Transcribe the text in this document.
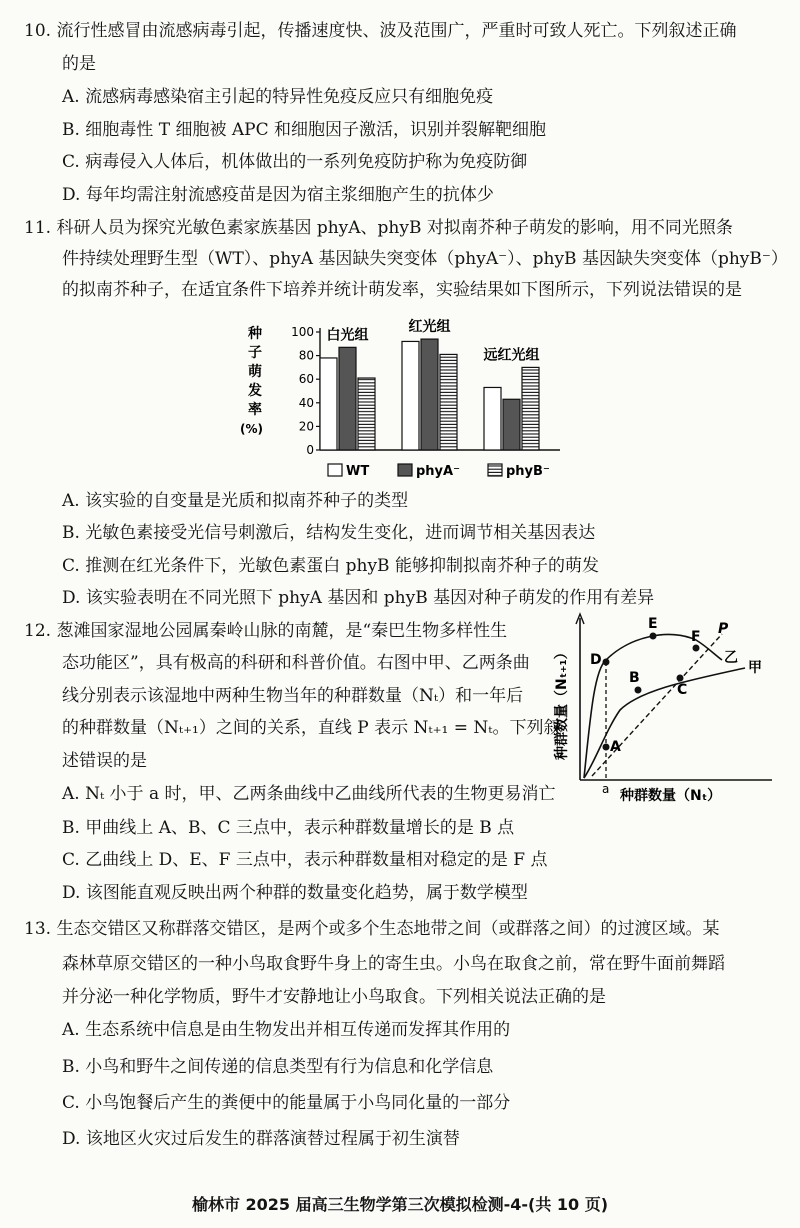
10. 流行性感冒由流感病毒引起，传播速度快、波及范围广，严重时可致人死亡。下列叙述正确
的是
A. 流感病毒感染宿主引起的特异性免疫反应只有细胞免疫
B. 细胞毒性 T 细胞被 APC 和细胞因子激活，识别并裂解靶细胞
C. 病毒侵入人体后，机体做出的一系列免疫防护称为免疫防御
D. 每年均需注射流感疫苗是因为宿主浆细胞产生的抗体少
11. 科研人员为探究光敏色素家族基因 phyA、phyB 对拟南芥种子萌发的影响，用不同光照条
件持续处理野生型（WT）、phyA 基因缺失突变体（phyA⁻）、phyB 基因缺失突变体（phyB⁻）
的拟南芥种子，在适宜条件下培养并统计萌发率，实验结果如下图所示，下列说法错误的是
种
子
萌
发
率
(%)
0
20
40
60
80
100 白光组
红光组
远红光组
WT	phyA⁻	phyB⁻
A. 该实验的自变量是光质和拟南芥种子的类型
B. 光敏色素接受光信号刺激后，结构发生变化，进而调节相关基因表达
C. 推测在红光条件下，光敏色素蛋白 phyB 能够抑制拟南芥种子的萌发
D. 该实验表明在不同光照下 phyA 基因和 phyB 基因对种子萌发的作用有差异
12. 葱滩国家湿地公园属秦岭山脉的南麓，是“秦巴生物多样性生
态功能区”，具有极高的科研和科普价值。右图中甲、乙两条曲
线分别表示该湿地中两种生物当年的种群数量（Nₜ）和一年后
的种群数量（Nₜ₊₁）之间的关系，直线 P 表示 Nₜ₊₁ = Nₜ。下列叙
述错误的是
A. Nₜ 小于 a 时，甲、乙两条曲线中乙曲线所代表的生物更易消亡
B. 甲曲线上 A、B、C 三点中，表示种群数量增长的是 B 点
C. 乙曲线上 D、E、F 三点中，表示种群数量相对稳定的是 F 点
D. 该图能直观反映出两个种群的数量变化趋势，属于数学模型
A
B
C
D
E
F P
乙
甲
a 种群数量（Nₜ）
种群数量（Nₜ₊₁）
13. 生态交错区又称群落交错区，是两个或多个生态地带之间（或群落之间）的过渡区域。某
森林草原交错区的一种小鸟取食野牛身上的寄生虫。小鸟在取食之前，常在野牛面前舞蹈
并分泌一种化学物质，野牛才安静地让小鸟取食。下列相关说法正确的是
A. 生态系统中信息是由生物发出并相互传递而发挥其作用的
B. 小鸟和野牛之间传递的信息类型有行为信息和化学信息
C. 小鸟饱餐后产生的粪便中的能量属于小鸟同化量的一部分
D. 该地区火灾过后发生的群落演替过程属于初生演替
榆林市 2025 届高三生物学第三次模拟检测-4-(共 10 页)
